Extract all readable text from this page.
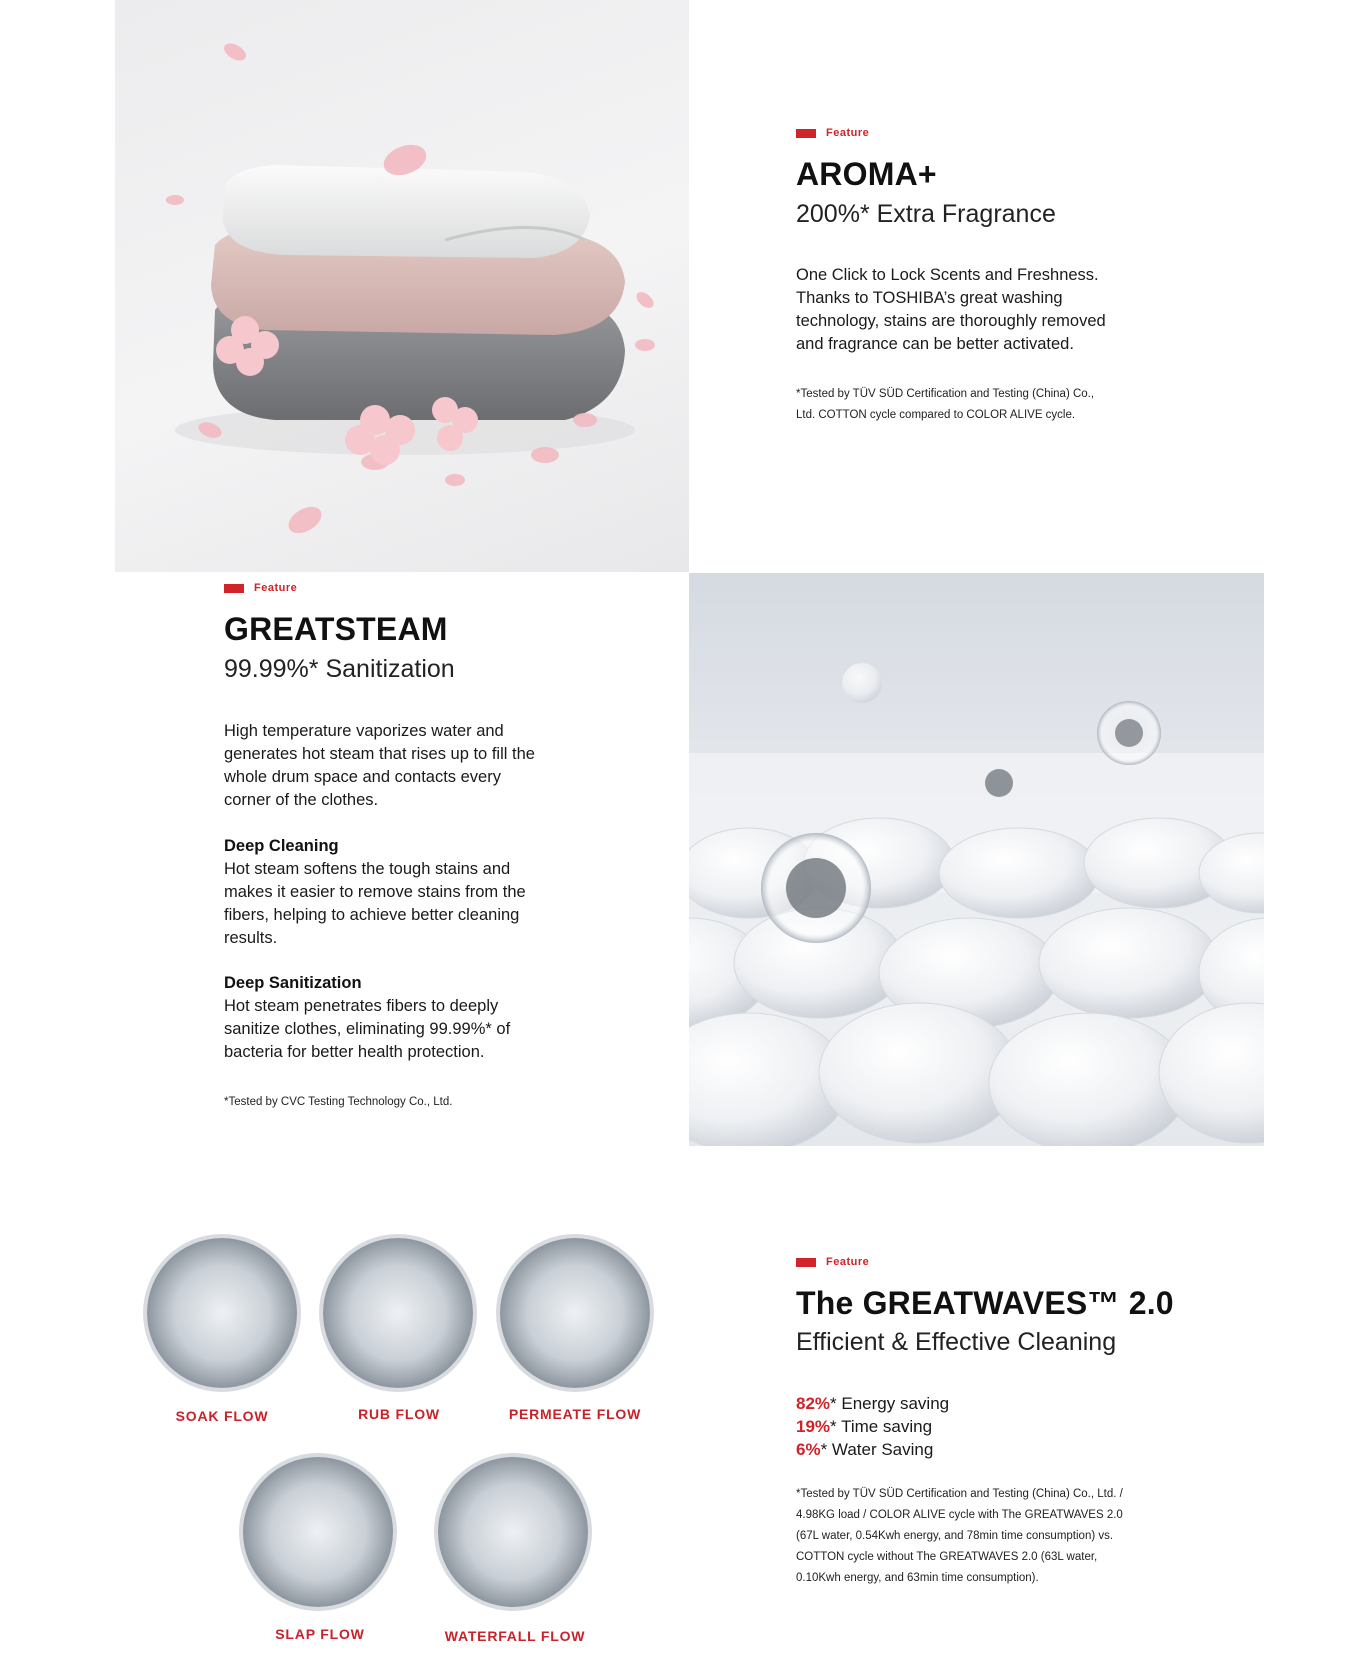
Feature
AROMA+
200%* Extra Fragrance
One Click to Lock Scents and Freshness.
Thanks to TOSHIBA’s great washing
technology, stains are thoroughly removed
and fragrance can be better activated.
*Tested by TÜV SÜD Certification and Testing (China) Co.,
Ltd. COTTON cycle compared to COLOR ALIVE cycle.
Feature
GREATSTEAM
99.99%* Sanitization
High temperature vaporizes water and
generates hot steam that rises up to fill the
whole drum space and contacts every
corner of the clothes.
Deep Cleaning
Hot steam softens the tough stains and
makes it easier to remove stains from the
fibers, helping to achieve better cleaning
results.
Deep Sanitization
Hot steam penetrates fibers to deeply
sanitize clothes, eliminating 99.99%* of
bacteria for better health protection.
*Tested by CVC Testing Technology Co., Ltd.
SOAK FLOW	RUB FLOW	PERMEATE FLOW
SLAP FLOW	WATERFALL FLOW
Feature
The GREATWAVES™ 2.0
Efficient & Effective Cleaning
82%* Energy saving
19%* Time saving
6%* Water Saving
*Tested by TÜV SÜD Certification and Testing (China) Co., Ltd. /
4.98KG load / COLOR ALIVE cycle with The GREATWAVES 2.0
(67L water, 0.54Kwh energy, and 78min time consumption) vs.
COTTON cycle without The GREATWAVES 2.0 (63L water,
0.10Kwh energy, and 63min time consumption).
